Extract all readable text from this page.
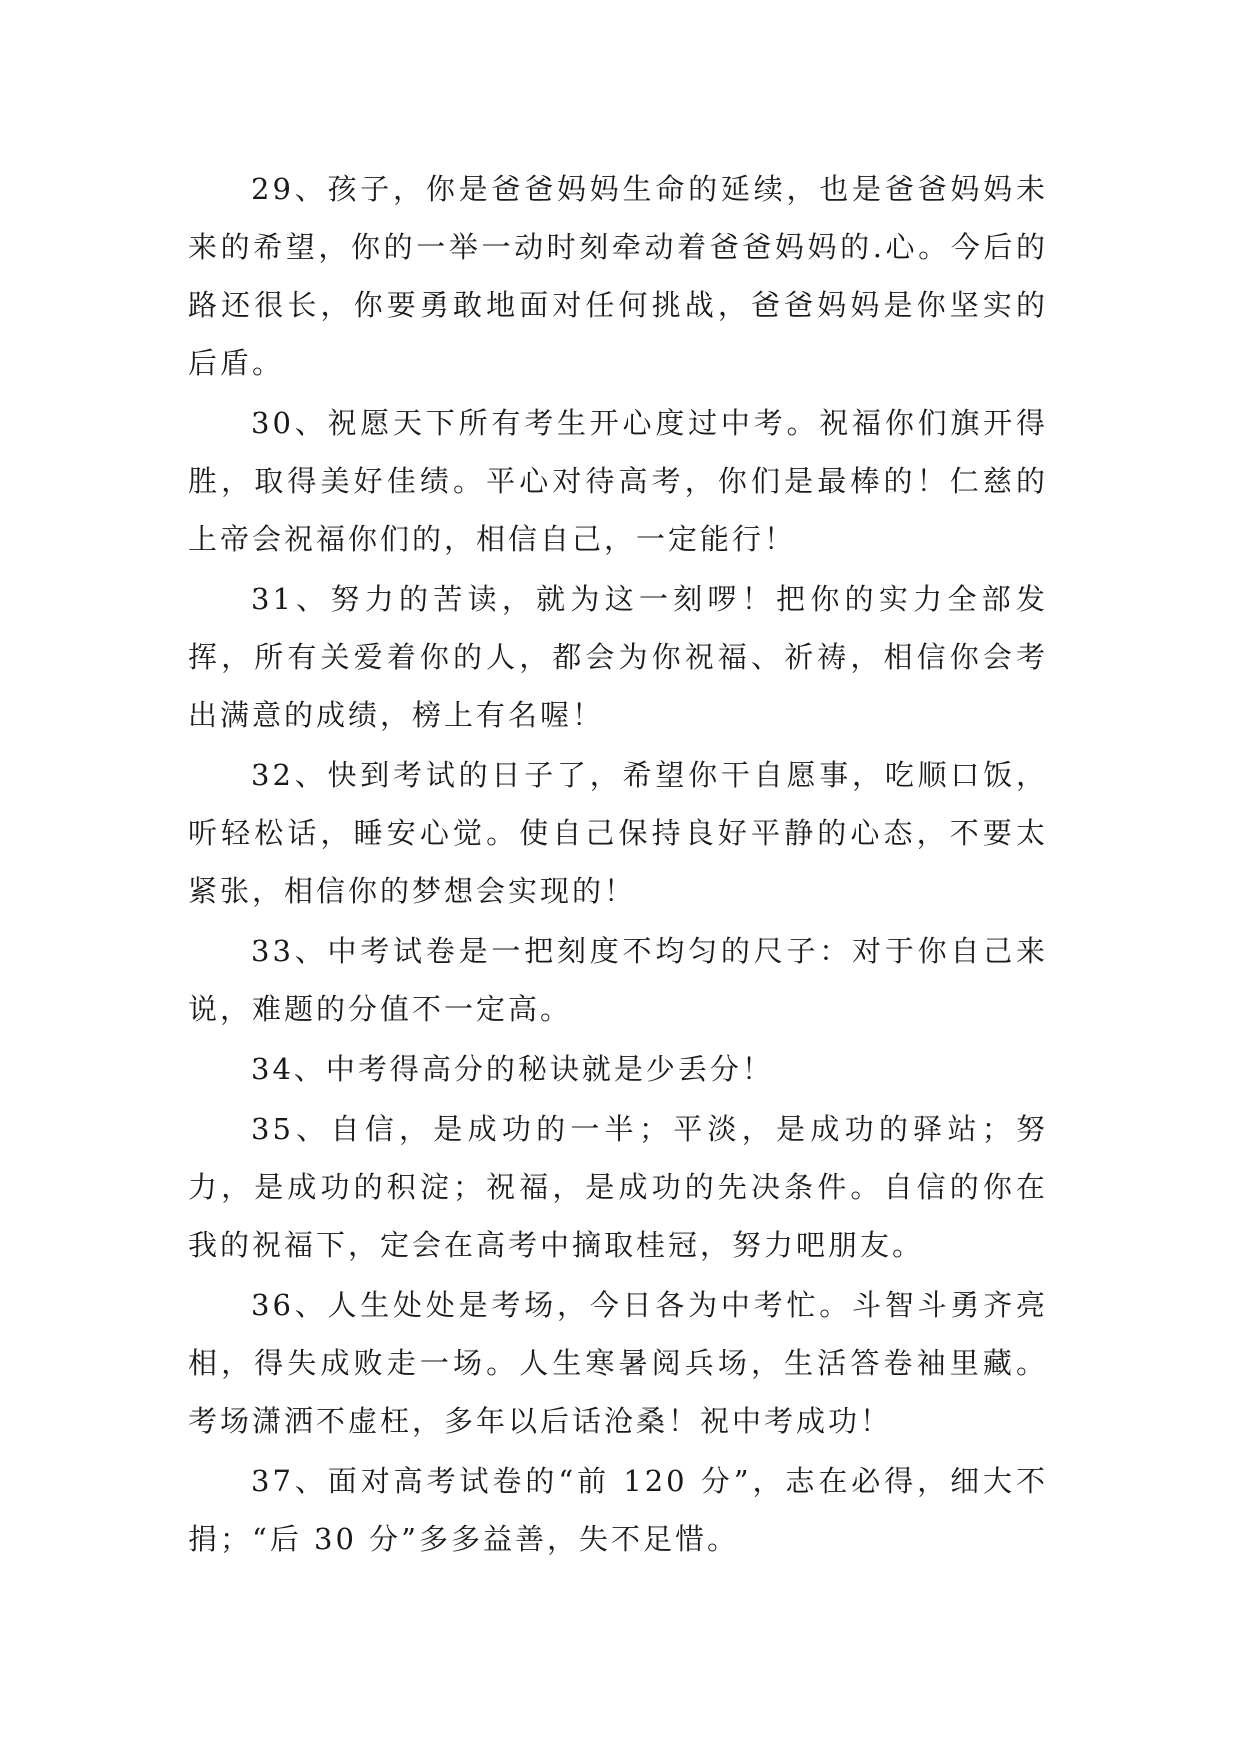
29、孩子，你是爸爸妈妈生命的延续，也是爸爸妈妈未来的希望，你的一举一动时刻牵动着爸爸妈妈的.心。今后的路还很长，你要勇敢地面对任何挑战，爸爸妈妈是你坚实的后盾。

30、祝愿天下所有考生开心度过中考。祝福你们旗开得胜，取得美好佳绩。平心对待高考，你们是最棒的！仁慈的上帝会祝福你们的，相信自己，一定能行！

31、努力的苦读，就为这一刻啰！把你的实力全部发挥，所有关爱着你的人，都会为你祝福、祈祷，相信你会考出满意的成绩，榜上有名喔！

32、快到考试的日子了，希望你干自愿事，吃顺口饭，听轻松话，睡安心觉。使自己保持良好平静的心态，不要太紧张，相信你的梦想会实现的！

33、中考试卷是一把刻度不均匀的尺子：对于你自己来说，难题的分值不一定高。

34、中考得高分的秘诀就是少丢分！

35、自信，是成功的一半；平淡，是成功的驿站；努力，是成功的积淀；祝福，是成功的先决条件。自信的你在我的祝福下，定会在高考中摘取桂冠，努力吧朋友。

36、人生处处是考场，今日各为中考忙。斗智斗勇齐亮相，得失成败走一场。人生寒暑阅兵场，生活答卷袖里藏。考场潇洒不虚枉，多年以后话沧桑！祝中考成功！

37、面对高考试卷的“前 120 分”，志在必得，细大不捐；“后 30 分”多多益善，失不足惜。
